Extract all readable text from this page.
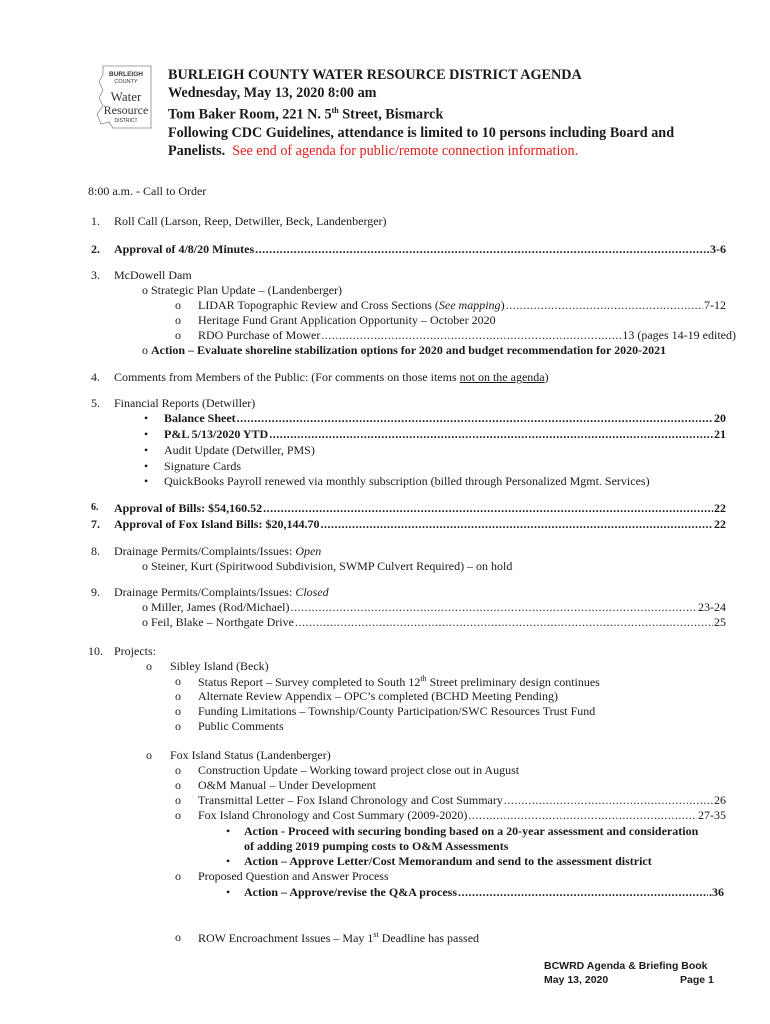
BURLEIGH
COUNTY
Water
Resource
DISTRICT
BURLEIGH COUNTY WATER RESOURCE DISTRICT AGENDA
Wednesday, May 13, 2020 8:00 am
Tom Baker Room, 221 N. 5th Street, Bismarck
Following CDC Guidelines, attendance is limited to 10 persons including Board and
Panelists. See end of agenda for public/remote connection information.
8:00 a.m. - Call to Order
1. Roll Call (Larson, Reep, Detwiller, Beck, Landenberger)
2. Approval of 4/8/20 Minutes .....	3-6
3. McDowell Dam
o Strategic Plan Update – (Landenberger)
o LIDAR Topographic Review and Cross Sections (See mapping) .....	7-12
o Heritage Fund Grant Application Opportunity – October 2020
o RDO Purchase of Mower .....	13 (pages 14-19 edited)
o Action – Evaluate shoreline stabilization options for 2020 and budget recommendation for 2020-2021
4. Comments from Members of the Public: (For comments on those items not on the agenda)
5. Financial Reports (Detwiller)
• Balance Sheet .....	20
• P&L 5/13/2020 YTD .....	21
• Audit Update (Detwiller, PMS)
• Signature Cards
• QuickBooks Payroll renewed via monthly subscription (billed through Personalized Mgmt. Services)
6. Approval of Bills: $54,160.52 .....	22
7. Approval of Fox Island Bills: $20,144.70 .....	22
8. Drainage Permits/Complaints/Issues: Open
o Steiner, Kurt (Spiritwood Subdivision, SWMP Culvert Required) – on hold
9. Drainage Permits/Complaints/Issues: Closed
o Miller, James (Rod/Michael) .....	23-24
o Feil, Blake – Northgate Drive .....	25
10. Projects:
o Sibley Island (Beck)
o Status Report – Survey completed to South 12th Street preliminary design continues
o Alternate Review Appendix – OPC’s completed (BCHD Meeting Pending)
o Funding Limitations – Township/County Participation/SWC Resources Trust Fund
o Public Comments
o Fox Island Status (Landenberger)
o Construction Update – Working toward project close out in August
o O&M Manual – Under Development
o Transmittal Letter – Fox Island Chronology and Cost Summary .....	26
o Fox Island Chronology and Cost Summary (2009-2020) .....	27-35
• Action - Proceed with securing bonding based on a 20-year assessment and consideration
of adding 2019 pumping costs to O&M Assessments
• Action – Approve Letter/Cost Memorandum and send to the assessment district
o Proposed Question and Answer Process
• Action – Approve/revise the Q&A process .....	.36
o ROW Encroachment Issues – May 1st Deadline has passed
BCWRD Agenda & Briefing Book
May 13, 2020	Page 1
